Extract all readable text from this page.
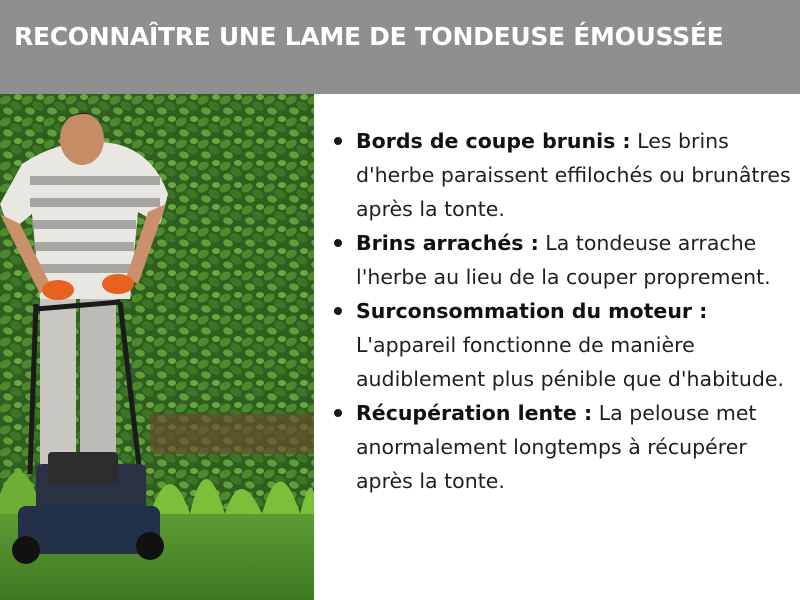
RECONNAÎTRE UNE LAME DE TONDEUSE ÉMOUSSÉE
Bords de coupe brunis : Les brins d'herbe paraissent effilochés ou brunâtres après la tonte.
Brins arrachés : La tondeuse arrache l'herbe au lieu de la couper proprement.
Surconsommation du moteur : L'appareil fonctionne de manière audiblement plus pénible que d'habitude.
Récupération lente : La pelouse met anormalement longtemps à récupérer après la tonte.
